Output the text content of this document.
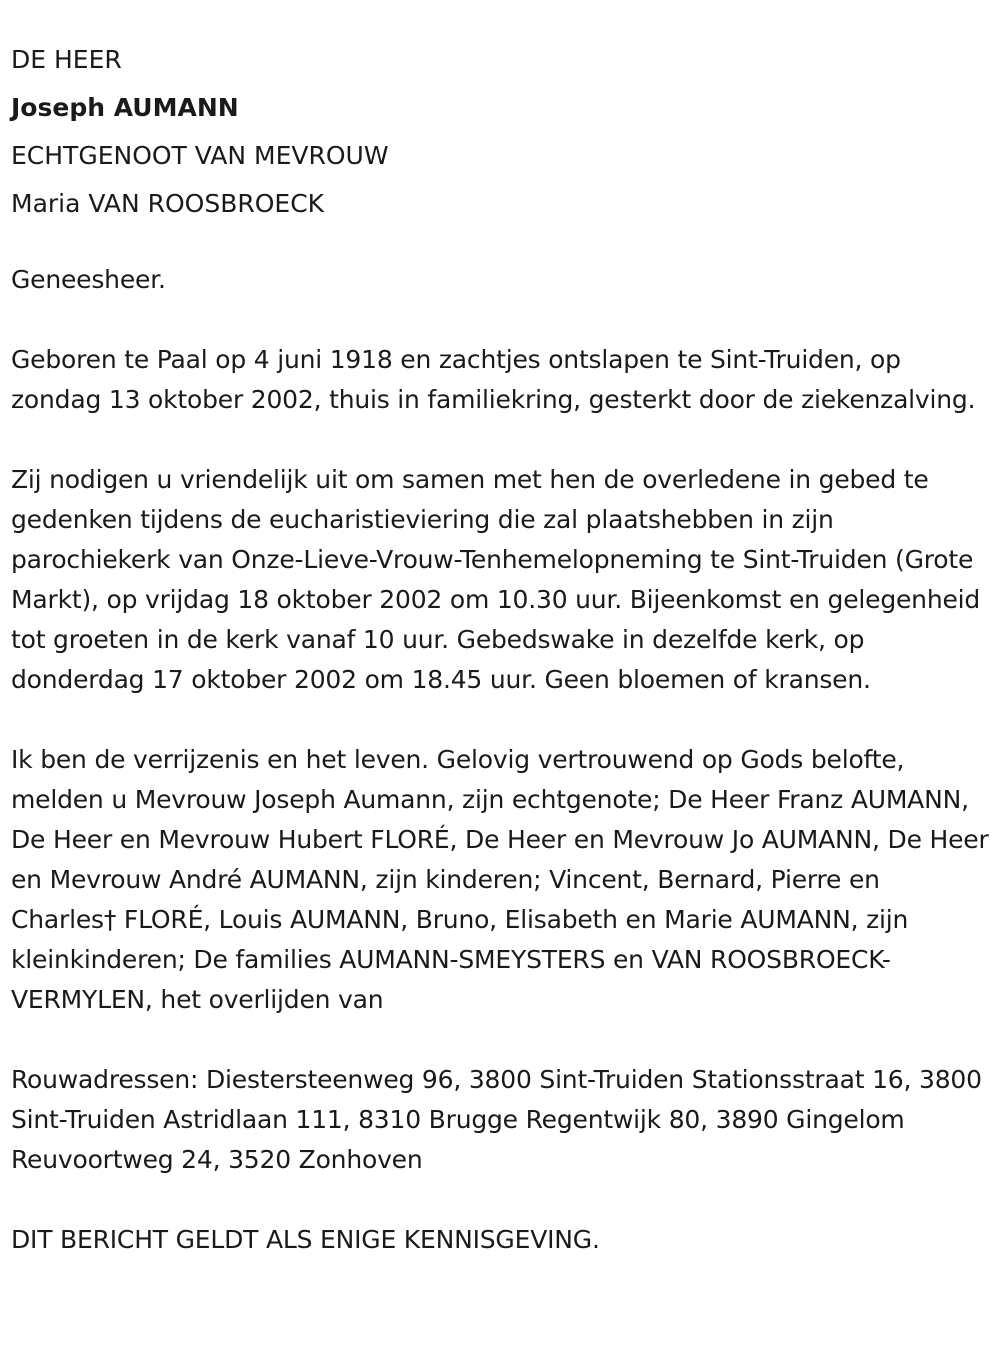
DE HEER

Joseph AUMANN

ECHTGENOOT VAN MEVROUW

Maria VAN ROOSBROECK

Geneesheer.

Geboren te Paal op 4 juni 1918 en zachtjes ontslapen te Sint-Truiden, op zondag 13 oktober 2002, thuis in familiekring, gesterkt door de ziekenzalving.

Zij nodigen u vriendelijk uit om samen met hen de overledene in gebed te gedenken tijdens de eucharistieviering die zal plaatshebben in zijn parochiekerk van Onze-Lieve-Vrouw-Tenhemelopneming te Sint-Truiden (Grote Markt), op vrijdag 18 oktober 2002 om 10.30 uur. Bijeenkomst en gelegenheid tot groeten in de kerk vanaf 10 uur. Gebedswake in dezelfde kerk, op donderdag 17 oktober 2002 om 18.45 uur. Geen bloemen of kransen.

Ik ben de verrijzenis en het leven. Gelovig vertrouwend op Gods belofte, melden u Mevrouw Joseph Aumann, zijn echtgenote; De Heer Franz AUMANN, De Heer en Mevrouw Hubert FLORÉ, De Heer en Mevrouw Jo AUMANN, De Heer en Mevrouw André AUMANN, zijn kinderen; Vincent, Bernard, Pierre en Charles† FLORÉ, Louis AUMANN, Bruno, Elisabeth en Marie AUMANN, zijn kleinkinderen; De families AUMANN-SMEYSTERS en VAN ROOSBROECK-VERMYLEN, het overlijden van

Rouwadressen: Diestersteenweg 96, 3800 Sint-Truiden Stationsstraat 16, 3800 Sint-Truiden Astridlaan 111, 8310 Brugge Regentwijk 80, 3890 Gingelom Reuvoortweg 24, 3520 Zonhoven

DIT BERICHT GELDT ALS ENIGE KENNISGEVING.
